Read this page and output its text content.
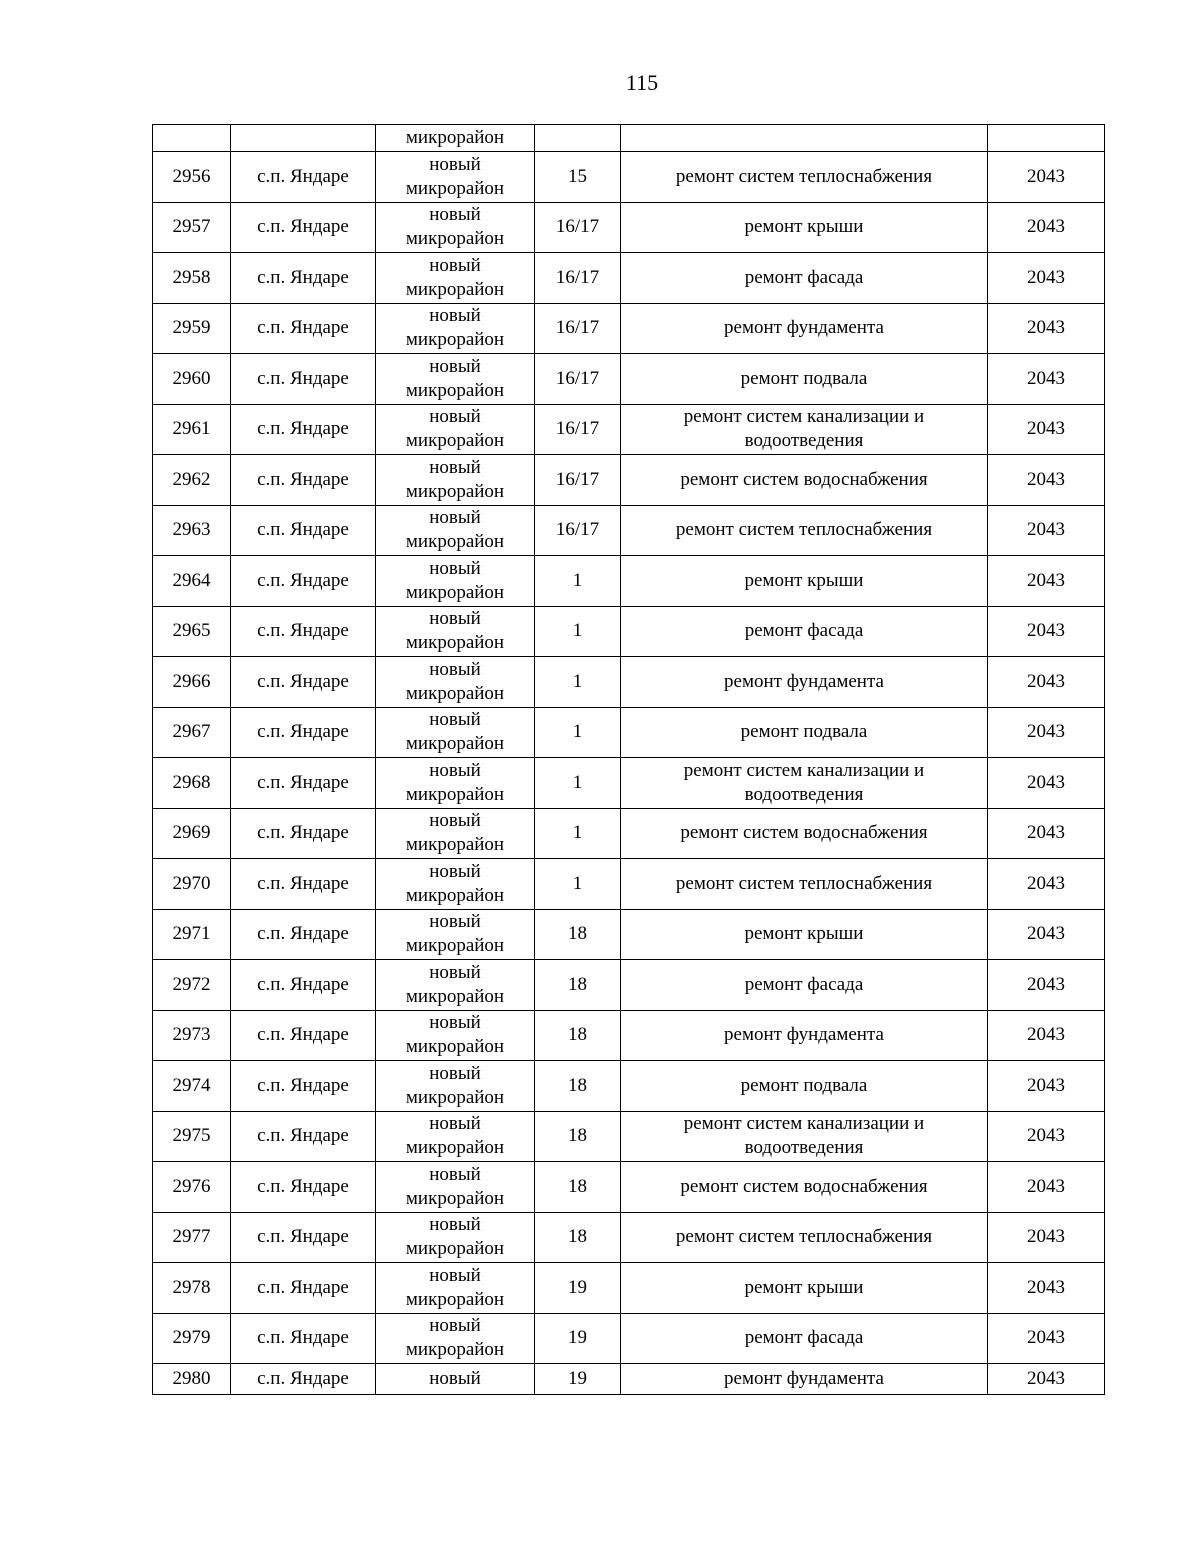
115
		микрорайон			
2956	с.п. Яндаре	новый микрорайон	15	ремонт систем теплоснабжения	2043
2957	с.п. Яндаре	новый микрорайон	16/17	ремонт крыши	2043
2958	с.п. Яндаре	новый микрорайон	16/17	ремонт фасада	2043
2959	с.п. Яндаре	новый микрорайон	16/17	ремонт фундамента	2043
2960	с.п. Яндаре	новый микрорайон	16/17	ремонт подвала	2043
2961	с.п. Яндаре	новый микрорайон	16/17	ремонт систем канализации и водоотведения	2043
2962	с.п. Яндаре	новый микрорайон	16/17	ремонт систем водоснабжения	2043
2963	с.п. Яндаре	новый микрорайон	16/17	ремонт систем теплоснабжения	2043
2964	с.п. Яндаре	новый микрорайон	1	ремонт крыши	2043
2965	с.п. Яндаре	новый микрорайон	1	ремонт фасада	2043
2966	с.п. Яндаре	новый микрорайон	1	ремонт фундамента	2043
2967	с.п. Яндаре	новый микрорайон	1	ремонт подвала	2043
2968	с.п. Яндаре	новый микрорайон	1	ремонт систем канализации и водоотведения	2043
2969	с.п. Яндаре	новый микрорайон	1	ремонт систем водоснабжения	2043
2970	с.п. Яндаре	новый микрорайон	1	ремонт систем теплоснабжения	2043
2971	с.п. Яндаре	новый микрорайон	18	ремонт крыши	2043
2972	с.п. Яндаре	новый микрорайон	18	ремонт фасада	2043
2973	с.п. Яндаре	новый микрорайон	18	ремонт фундамента	2043
2974	с.п. Яндаре	новый микрорайон	18	ремонт подвала	2043
2975	с.п. Яндаре	новый микрорайон	18	ремонт систем канализации и водоотведения	2043
2976	с.п. Яндаре	новый микрорайон	18	ремонт систем водоснабжения	2043
2977	с.п. Яндаре	новый микрорайон	18	ремонт систем теплоснабжения	2043
2978	с.п. Яндаре	новый микрорайон	19	ремонт крыши	2043
2979	с.п. Яндаре	новый микрорайон	19	ремонт фасада	2043
2980	с.п. Яндаре	новый	19	ремонт фундамента	2043
